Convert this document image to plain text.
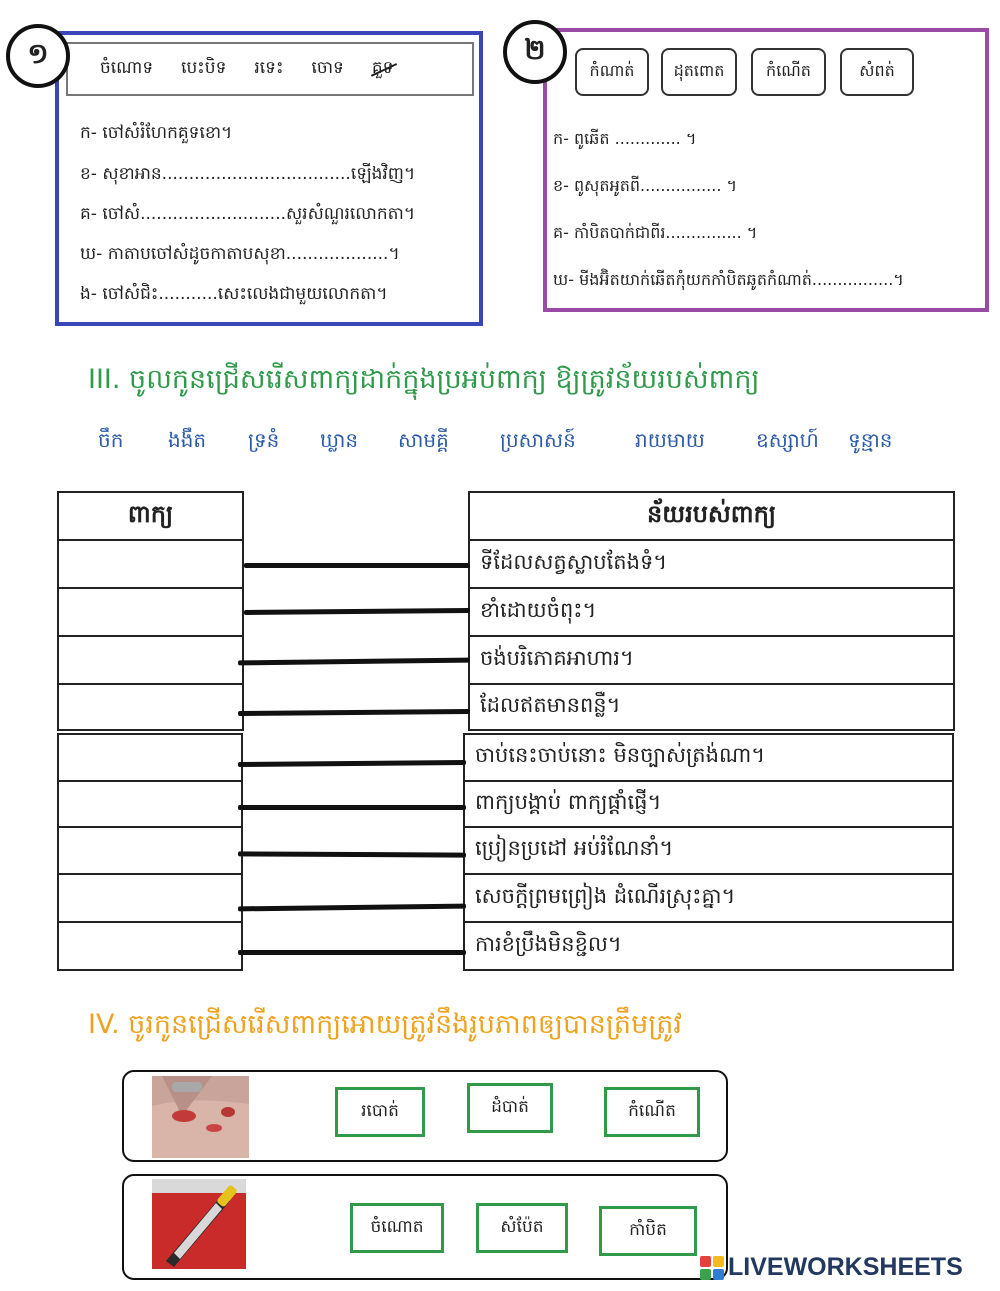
ចំណោទ បេះបិទ រទេះ ចោទ គួទ
១
ក- ចៅសំរំហែកគួទខោ។
ខ- សុខាអាន...................................ឡើងវិញ។
គ- ចៅសំ...........................សួរសំណួរលោកតា។
ឃ- កាតាបចៅសំដូចកាតាបសុខា...................។
ង- ចៅសំជិះ...........សេះលេងជាមួយលោកតា។
២
កំណាត់	ដុតពោត	កំណើត	សំពត់
ក- ពូឆើត ............. ។
ខ- ពូសុតអូតពី................ ។
គ- កាំបិតបាក់ជាពីរ............... ។
ឃ- មីងអ៊ិតយាក់ឆើតកុំយកកាំបិតឆូតកំណាត់................។
III. ចូលកូនជ្រើសរើសពាក្យដាក់ក្នុងប្រអប់ពាក្យ ឱ្យត្រូវន័យរបស់ពាក្យ
ចឹក ងងឹត ទ្រនំ ឃ្លាន សាមគ្គី	ប្រសាសន៍	រាយមាយ	ឧស្សាហ៍ ទូន្មាន
ពាក្យ	ន័យរបស់ពាក្យ
ទីដែលសត្វស្លាបតែងទំ។
ខាំដោយចំពុះ។
ចង់បរិភោគអាហារ។
ដែលឥតមានពន្លឺ។
ចាប់នេះចាប់នោះ មិនច្បាស់ត្រង់ណា។
ពាក្យបង្គាប់ ពាក្យផ្ដាំផ្ញើ។
ប្រៀនប្រដៅ អប់រំណែនាំ។
សេចក្ដីព្រមព្រៀង ដំណើរស្រុះគ្នា។
ការខំប្រឹងមិនខ្ជិល។
IV. ចូរកូនជ្រើសរើសពាក្យអោយត្រូវនឹងរូបភាពឲ្យបានត្រឹមត្រូវ
របោត់	ដំបាត់	កំណើត
ចំណោត	សំប៉ែត	កាំបិត
LIVEWORKSHEETS
